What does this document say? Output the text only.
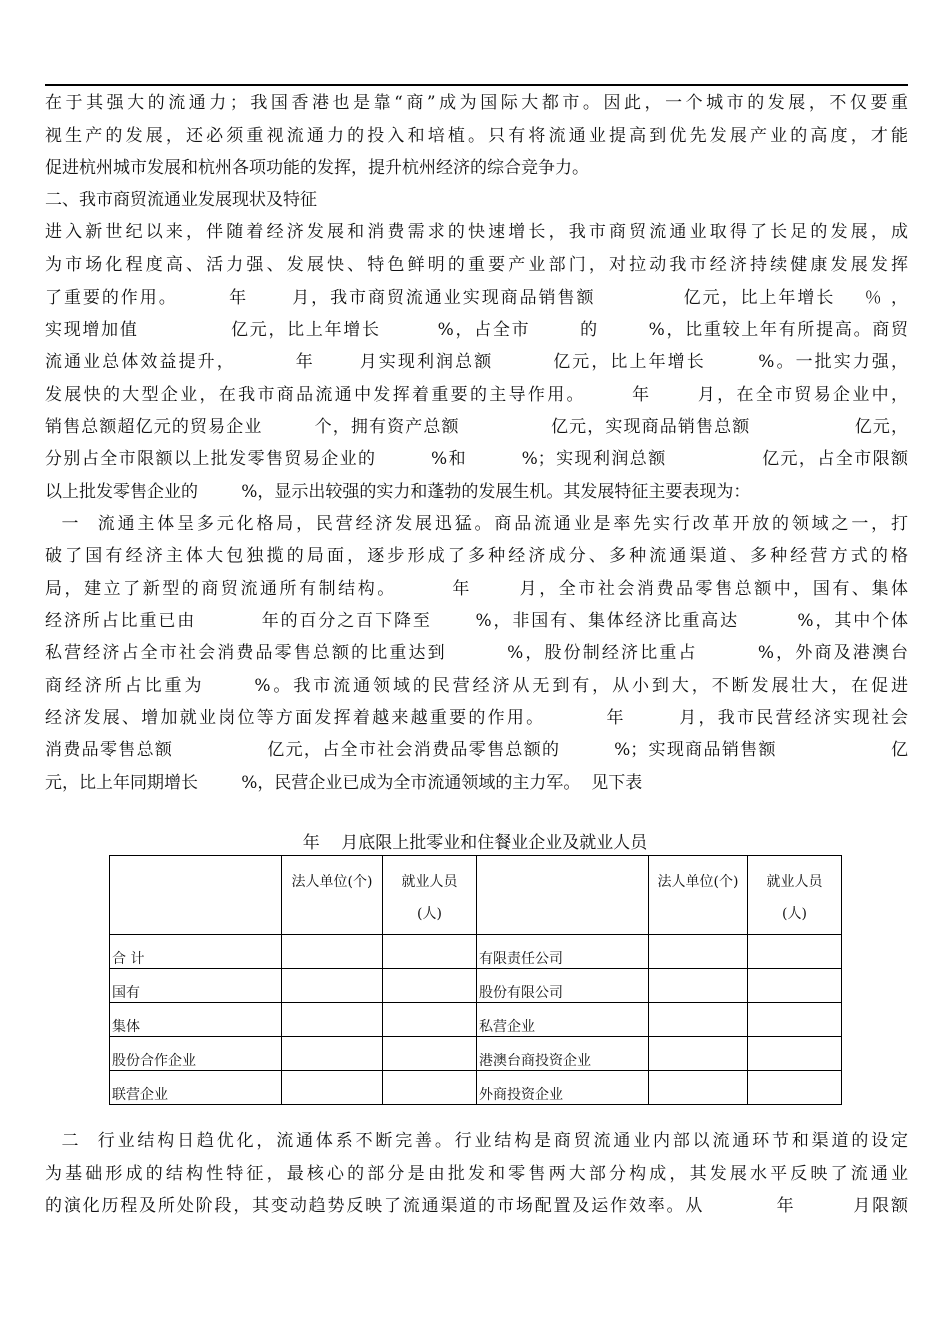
在于其强大的流通力；我国香港也是靠“商”成为国际大都市。因此，一个城市的发展，不仅要重
视生产的发展，还必须重视流通力的投入和培植。只有将流通业提高到优先发展产业的高度，才能
促进杭州城市发展和杭州各项功能的发挥，提升杭州经济的综合竞争力。
二、我市商贸流通业发展现状及特征
进入新世纪以来，伴随着经济发展和消费需求的快速增长，我市商贸流通业取得了长足的发展，成
为市场化程度高、活力强、发展快、特色鲜明的重要产业部门，对拉动我市经济持续健康发展发挥
了重要的作用。       年      月，我市商贸流通业实现商品销售额            亿元，比上年增长    ％ ，
实现增加值             亿元，比上年增长        %，占全市       的       %，比重较上年有所提高。商贸
流通业总体效益提升，        年      月实现利润总额        亿元，比上年增长       %。一批实力强，
发展快的大型企业，在我市商品流通中发挥着重要的主导作用。      年      月，在全市贸易企业中，
销售总额超亿元的贸易企业        个，拥有资产总额              亿元，实现商品销售总额                亿元，
分别占全市限额以上批发零售贸易企业的        %和        %；实现利润总额              亿元，占全市限额
以上批发零售企业的        %，显示出较强的实力和蓬勃的发展生机。其发展特征主要表现为：
一  流通主体呈多元化格局，民营经济发展迅猛。商品流通业是率先实行改革开放的领域之一，打
破了国有经济主体大包独揽的局面，逐步形成了多种经济成分、多种流通渠道、多种经营方式的格
局，建立了新型的商贸流通所有制结构。       年      月，全市社会消费品零售总额中，国有、集体
经济所占比重已由         年的百分之百下降至      %，非国有、集体经济比重高达        %，其中个体
私营经济占全市社会消费品零售总额的比重达到        %，股份制经济比重占        %，外商及港澳台
商经济所占比重为      %。我市流通领域的民营经济从无到有，从小到大，不断发展壮大，在促进
经济发展、增加就业岗位等方面发挥着越来越重要的作用。        年       月，我市民营经济实现社会
消费品零售总额              亿元，占全市社会消费品零售总额的        %；实现商品销售额                 亿
元，比上年同期增长        %，民营企业已成为全市流通领域的主力军。  见下表
年    月底限上批零业和住餐业企业及就业人员
	法人单位(个)	就业人员
(人)		法人单位(个)	就业人员
(人)
合 计			有限责任公司		
国有			股份有限公司		
集体			私营企业		
股份合作企业			港澳台商投资企业		
联营企业			外商投资企业		
二  行业结构日趋优化，流通体系不断完善。行业结构是商贸流通业内部以流通环节和渠道的设定
为基础形成的结构性特征，最核心的部分是由批发和零售两大部分构成，其发展水平反映了流通业
的演化历程及所处阶段，其变动趋势反映了流通渠道的市场配置及运作效率。从          年        月限额
